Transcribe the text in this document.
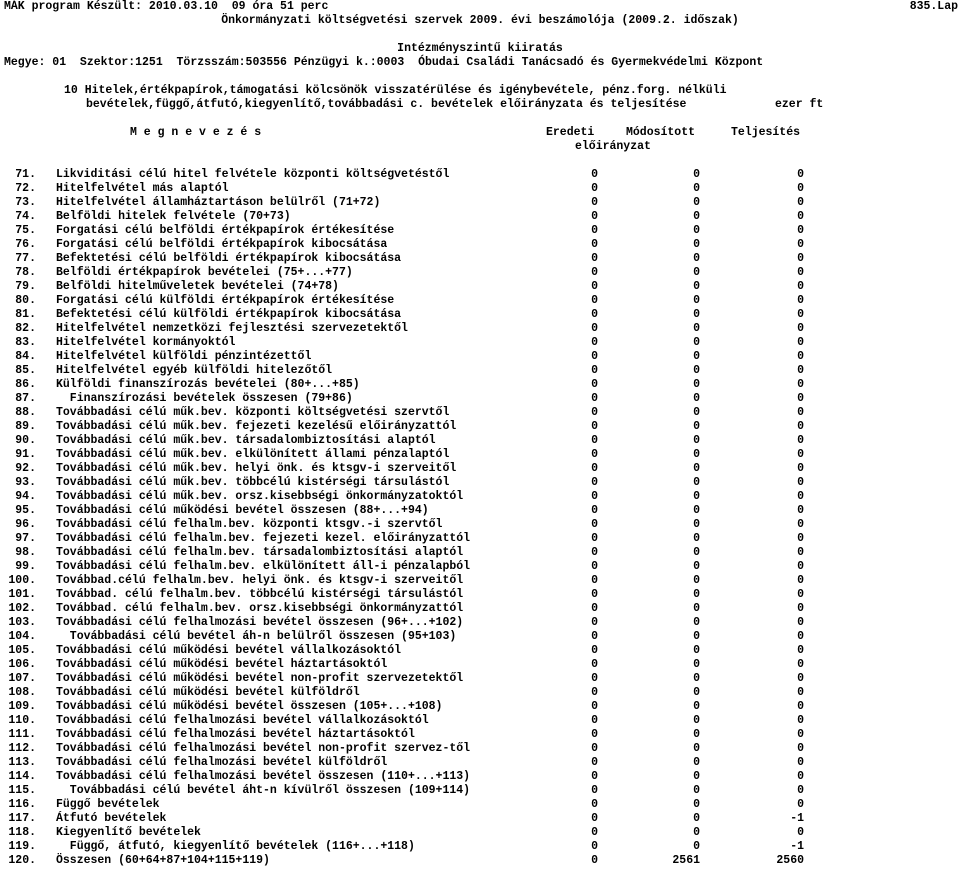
MÁK program Készült: 2010.03.10  09 óra 51 perc	835.Lap
Önkormányzati költségvetési szervek 2009. évi beszámolója (2009.2. időszak)
Intézményszintű kiiratás
Megye: 01  Szektor:1251  Törzsszám:503556 Pénzügyi k.:0003  Óbudai Családi Tanácsadó és Gyermekvédelmi Központ
10 Hitelek,értékpapírok,támogatási kölcsönök visszatérülése és igénybevétele, pénz.forg. nélküli
bevételek,függő,átfutó,kiegyenlítő,továbbadási c. bevételek előirányzata és teljesítése	ezer ft
M e g n e v e z é s	Eredeti	Módosított	Teljesítés
előirányzat
71. Likviditási célú hitel felvétele központi költségvetéstől	0	0	0
72. Hitelfelvétel más alaptól	0	0	0
73. Hitelfelvétel államháztartáson belülről (71+72)	0	0	0
74. Belföldi hitelek felvétele (70+73)	0	0	0
75. Forgatási célú belföldi értékpapírok értékesítése	0	0	0
76. Forgatási célú belföldi értékpapírok kibocsátása	0	0	0
77. Befektetési célú belföldi értékpapírok kibocsátása	0	0	0
78. Belföldi értékpapírok bevételei (75+...+77)	0	0	0
79. Belföldi hitelműveletek bevételei (74+78)	0	0	0
80. Forgatási célú külföldi értékpapírok értékesítése	0	0	0
81. Befektetési célú külföldi értékpapírok kibocsátása	0	0	0
82. Hitelfelvétel nemzetközi fejlesztési szervezetektől	0	0	0
83. Hitelfelvétel kormányoktól	0	0	0
84. Hitelfelvétel külföldi pénzintézettől	0	0	0
85. Hitelfelvétel egyéb külföldi hitelezőtől	0	0	0
86. Külföldi finanszírozás bevételei (80+...+85)	0	0	0
87. Finanszírozási bevételek összesen (79+86)	0	0	0
88. Továbbadási célú műk.bev. központi költségvetési szervtől	0	0	0
89. Továbbadási célú műk.bev. fejezeti kezelésű előirányzattól	0	0	0
90. Továbbadási célú műk.bev. társadalombiztosítási alaptól	0	0	0
91. Továbbadási célú műk.bev. elkülönített állami pénzalaptól	0	0	0
92. Továbbadási célú műk.bev. helyi önk. és ktsgv-i szerveitől	0	0	0
93. Továbbadási célú műk.bev. többcélú kistérségi társulástól	0	0	0
94. Továbbadási célú műk.bev. orsz.kisebbségi önkormányzatoktól	0	0	0
95. Továbbadási célú működési bevétel összesen (88+...+94)	0	0	0
96. Továbbadási célú felhalm.bev. központi ktsgv.-i szervtől	0	0	0
97. Továbbadási célú felhalm.bev. fejezeti kezel. előirányzattól	0	0	0
98. Továbbadási célú felhalm.bev. társadalombiztosítási alaptól	0	0	0
99. Továbbadási célú felhalm.bev. elkülönített áll-i pénzalapból	0	0	0
100. Továbbad.célú felhalm.bev. helyi önk. és ktsgv-i szerveitől	0	0	0
101. Továbbad. célú felhalm.bev. többcélú kistérségi társulástól	0	0	0
102. Továbbad. célú felhalm.bev. orsz.kisebbségi önkormányzattól	0	0	0
103. Továbbadási célú felhalmozási bevétel összesen (96+...+102)	0	0	0
104. Továbbadási célú bevétel áh-n belülről összesen (95+103)	0	0	0
105. Továbbadási célú működési bevétel vállalkozásoktól	0	0	0
106. Továbbadási célú működési bevétel háztartásoktól	0	0	0
107. Továbbadási célú működési bevétel non-profit szervezetektől	0	0	0
108. Továbbadási célú működési bevétel külföldről	0	0	0
109. Továbbadási célú működési bevétel összesen (105+...+108)	0	0	0
110. Továbbadási célú felhalmozási bevétel vállalkozásoktól	0	0	0
111. Továbbadási célú felhalmozási bevétel háztartásoktól	0	0	0
112. Továbbadási célú felhalmozási bevétel non-profit szervez-től	0	0	0
113. Továbbadási célú felhalmozási bevétel külföldről	0	0	0
114. Továbbadási célú felhalmozási bevétel összesen (110+...+113)	0	0	0
115. Továbbadási célú bevétel áht-n kívülről összesen (109+114)	0	0	0
116. Függő bevételek	0	0	0
117. Átfutó bevételek	0	0	-1
118. Kiegyenlítő bevételek	0	0	0
119. Függő, átfutó, kiegyenlítő bevételek (116+...+118)	0	0	-1
120. Összesen (60+64+87+104+115+119)	0	2561	2560
